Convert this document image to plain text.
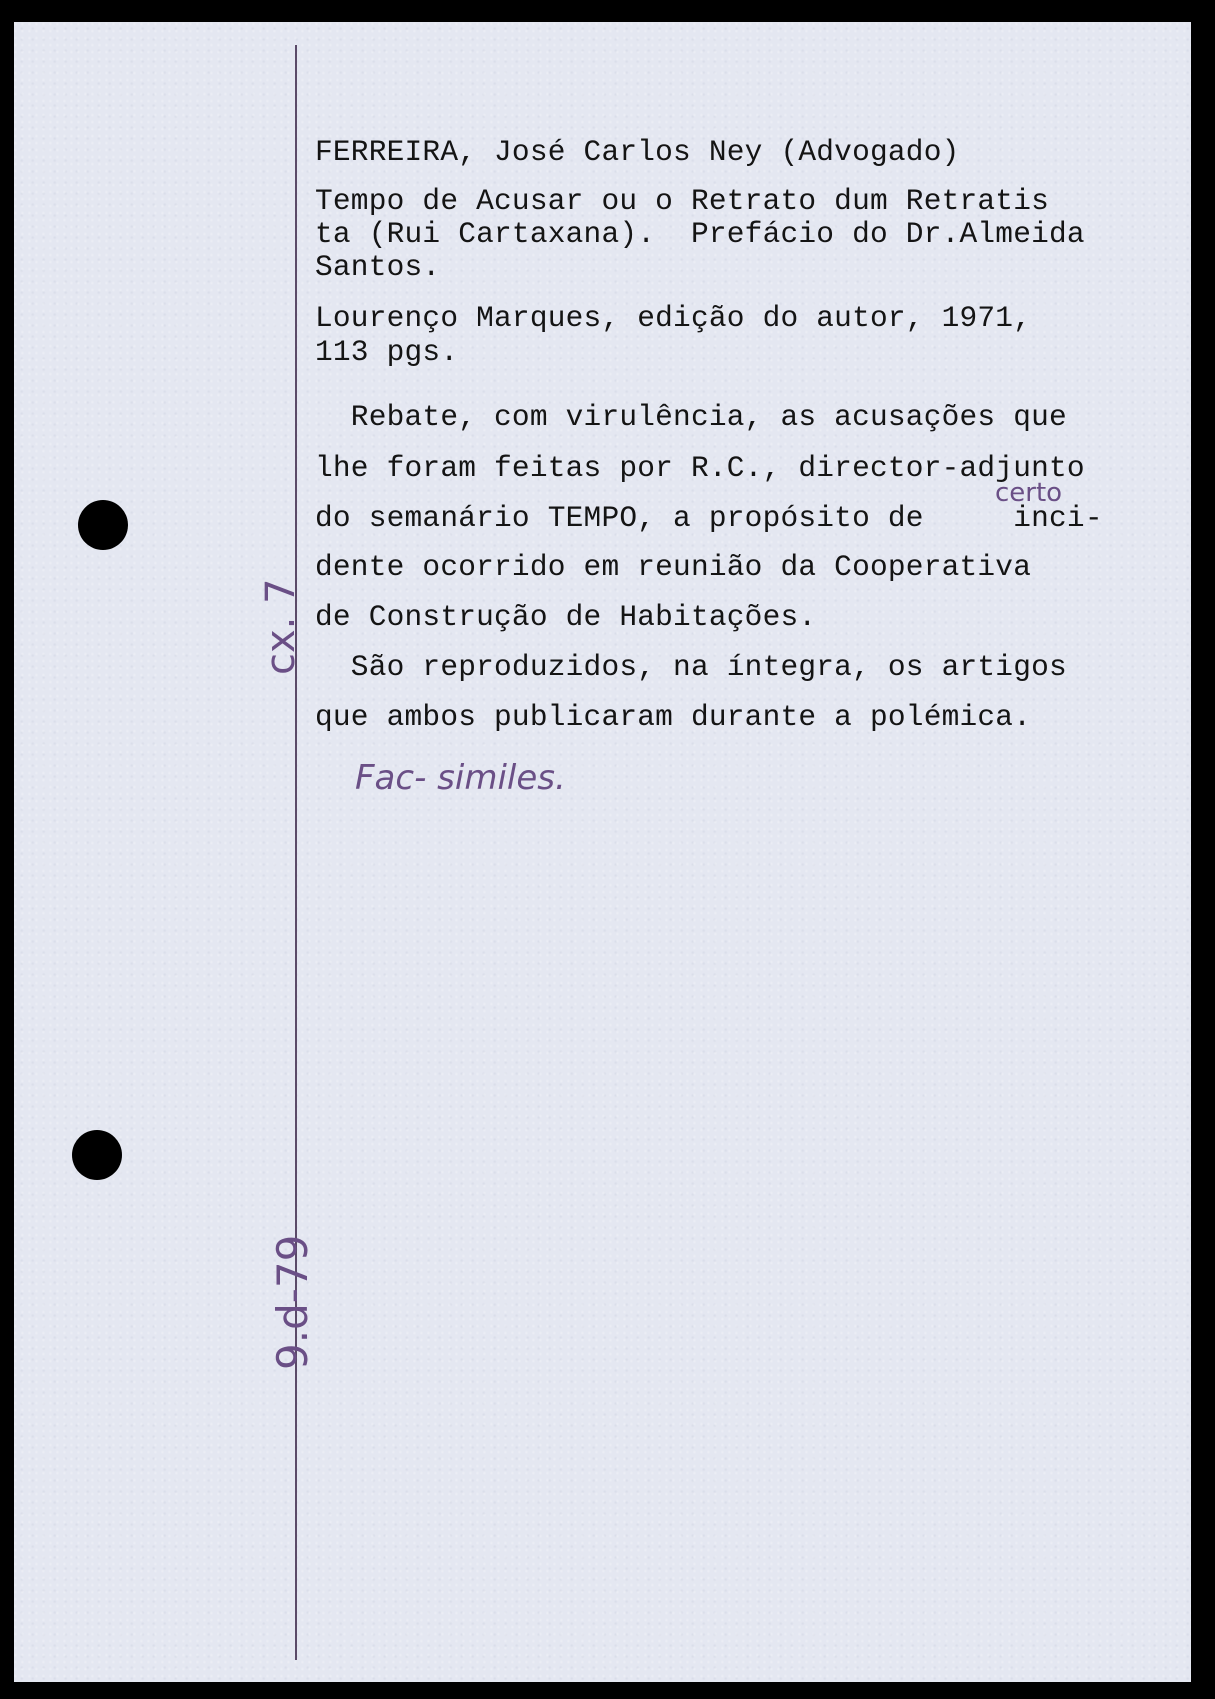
FERREIRA, José Carlos Ney (Advogado)
Tempo de Acusar ou o Retrato dum Retratis
ta (Rui Cartaxana).  Prefácio do Dr.Almeida
Santos.
Lourenço Marques, edição do autor, 1971,
113 pgs.
Rebate, com virulência, as acusações que
lhe foram feitas por R.C., director-adjunto
do semanário TEMPO, a propósito de     inci-
dente ocorrido em reunião da Cooperativa
de Construção de Habitações.
São reproduzidos, na íntegra, os artigos
que ambos publicaram durante a polémica.
certo
Fac- similes.
cx. 7
9.d-79
